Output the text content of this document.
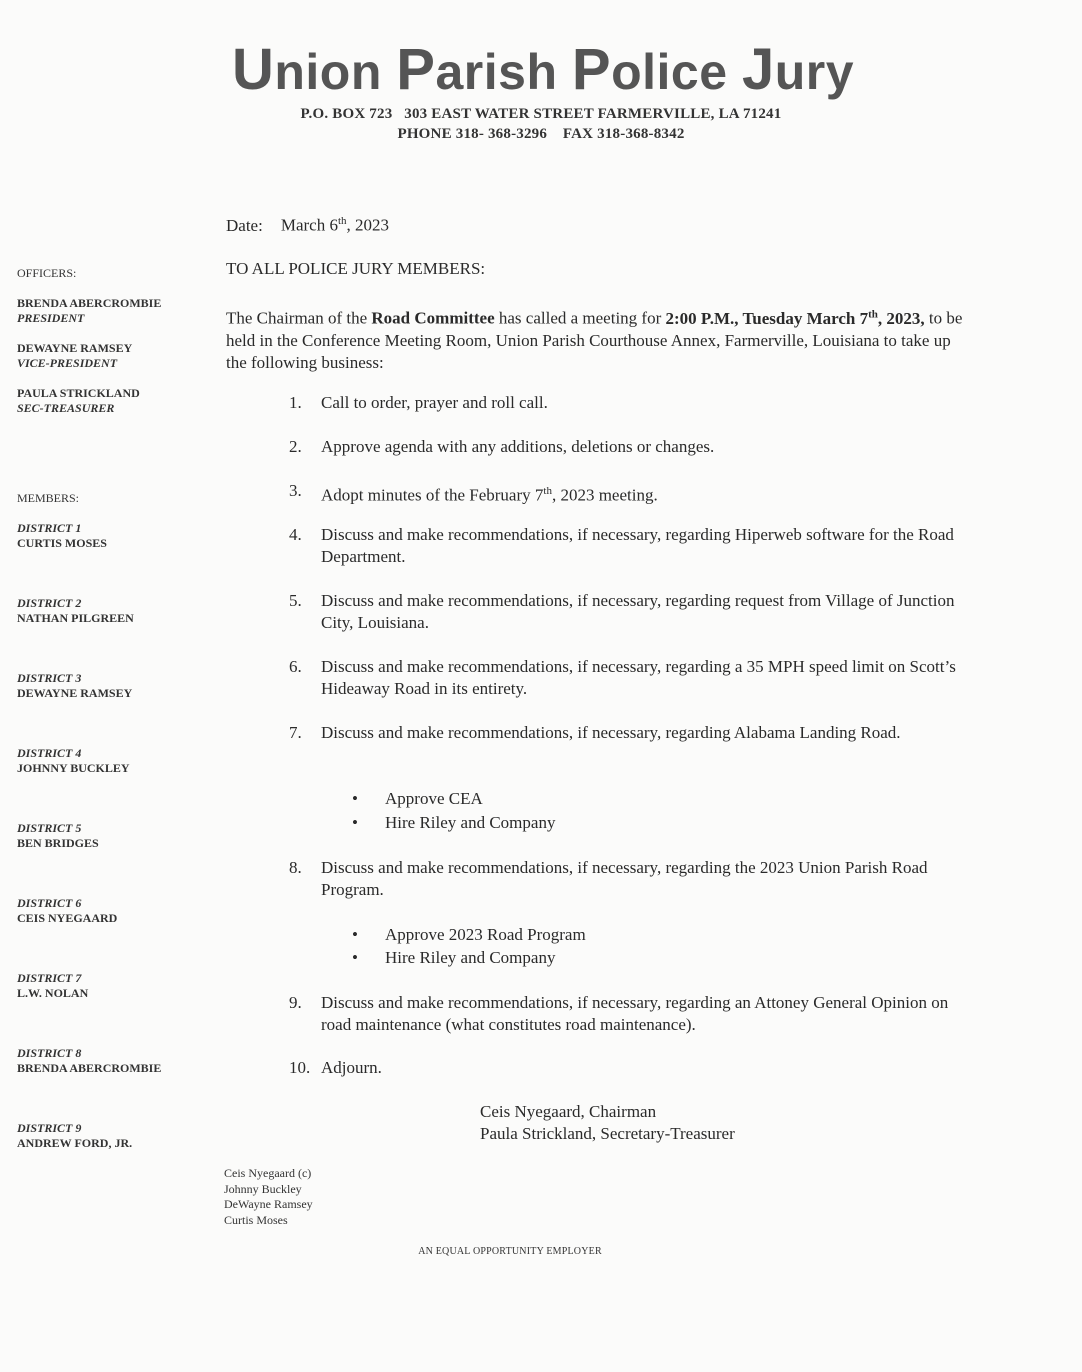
Union Parish Police Jury
P.O. BOX 723   303 EAST WATER STREET FARMERVILLE, LA 71241
PHONE 318- 368-3296    FAX 318-368-8342
OFFICERS:
BRENDA ABERCROMBIE
PRESIDENT
DEWAYNE RAMSEY
VICE-PRESIDENT
PAULA STRICKLAND
SEC-TREASURER
MEMBERS:
DISTRICT 1
CURTIS MOSES
DISTRICT 2
NATHAN PILGREEN
DISTRICT 3
DEWAYNE RAMSEY
DISTRICT 4
JOHNNY BUCKLEY
DISTRICT 5
BEN BRIDGES
DISTRICT 6
CEIS NYEGAARD
DISTRICT 7
L.W. NOLAN
DISTRICT 8
BRENDA ABERCROMBIE
DISTRICT 9
ANDREW FORD, JR.
Date: March 6th, 2023
TO ALL POLICE JURY MEMBERS:
The Chairman of the Road Committee has called a meeting for 2:00 P.M., Tuesday March 7th, 2023, to be held in the Conference Meeting Room, Union Parish Courthouse Annex, Farmerville, Louisiana to take up the following business:
1.	Call to order, prayer and roll call.
2.	Approve agenda with any additions, deletions or changes.
3.	Adopt minutes of the February 7th, 2023 meeting.
4.	Discuss and make recommendations, if necessary, regarding Hiperweb software for the Road Department.
5.	Discuss and make recommendations, if necessary, regarding request from Village of Junction City, Louisiana.
6.	Discuss and make recommendations, if necessary, regarding a 35 MPH speed limit on Scott’s Hideaway Road in its entirety.
7.	Discuss and make recommendations, if necessary, regarding Alabama Landing Road.
•	Approve CEA
•	Hire Riley and Company
8.	Discuss and make recommendations, if necessary, regarding the 2023 Union Parish Road Program.
•	Approve 2023 Road Program
•	Hire Riley and Company
9.	Discuss and make recommendations, if necessary, regarding an Attoney General Opinion on road maintenance (what constitutes road maintenance).
10. Adjourn.
Ceis Nyegaard, Chairman
Paula Strickland, Secretary-Treasurer
Ceis Nyegaard (c)
Johnny Buckley
DeWayne Ramsey
Curtis Moses
AN EQUAL OPPORTUNITY EMPLOYER
